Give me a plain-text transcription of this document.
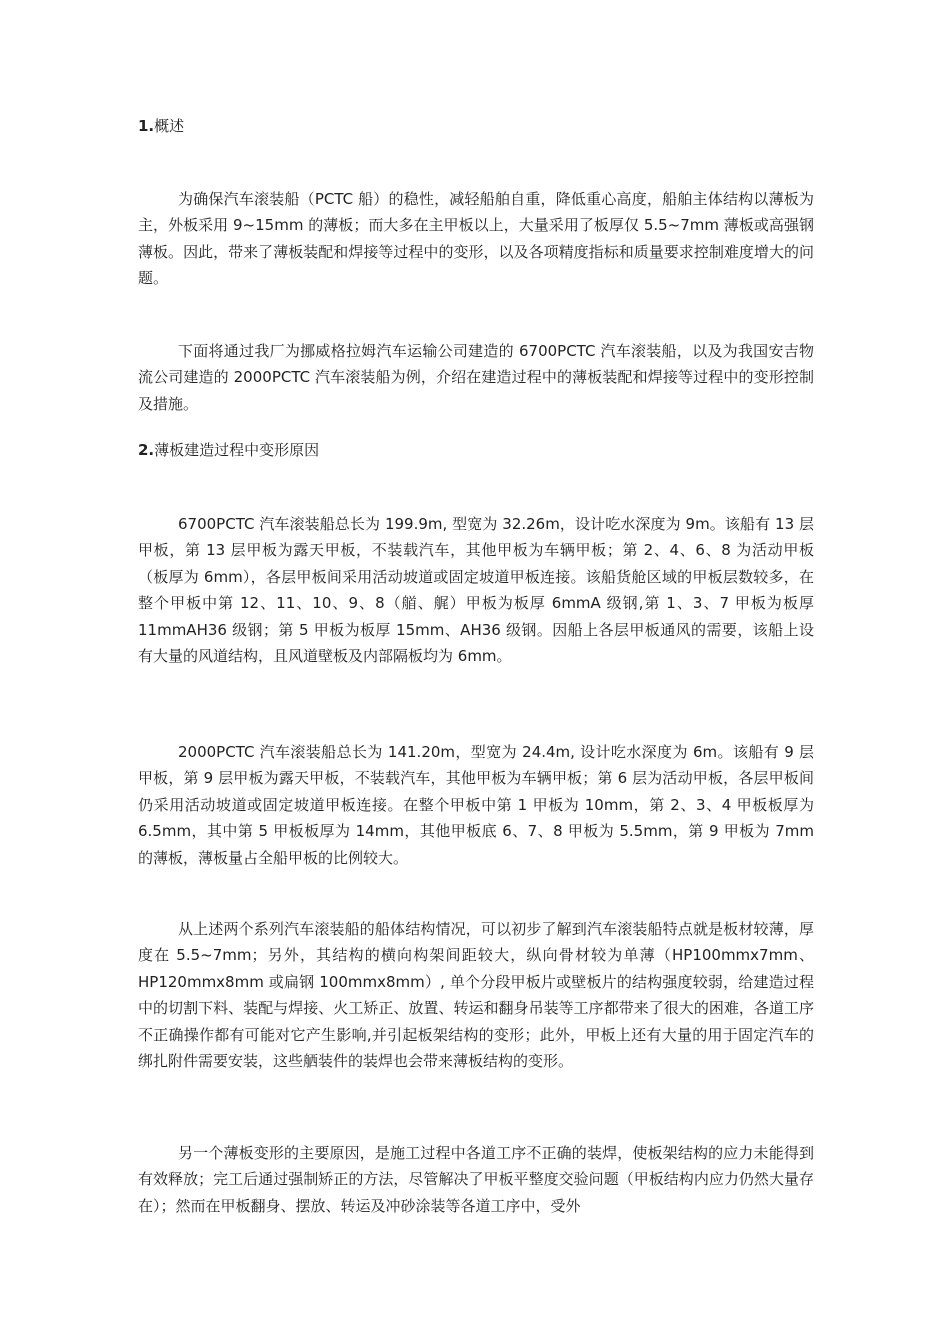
1.概述

为确保汽车滚装船（PCTC 船）的稳性，减轻船舶自重，降低重心高度，船舶主体结构以薄板为主，外板采用 9~15mm 的薄板；而大多在主甲板以上，大量采用了板厚仅 5.5~7mm 薄板或高强钢薄板。因此，带来了薄板装配和焊接等过程中的变形，以及各项精度指标和质量要求控制难度增大的问题。

下面将通过我厂为挪威格拉姆汽车运输公司建造的 6700PCTC 汽车滚装船，以及为我国安吉物流公司建造的 2000PCTC 汽车滚装船为例，介绍在建造过程中的薄板装配和焊接等过程中的变形控制及措施。

2.薄板建造过程中变形原因

6700PCTC 汽车滚装船总长为 199.9m, 型宽为 32.26m，设计吃水深度为 9m。该船有 13 层甲板，第 13 层甲板为露天甲板，不装载汽车，其他甲板为车辆甲板；第 2、4、6、8 为活动甲板（板厚为 6mm），各层甲板间采用活动坡道或固定坡道甲板连接。该船货舱区域的甲板层数较多，在整个甲板中第 12、11、10、9、8（艏、艉）甲板为板厚 6mmA 级钢,第 1、3、7 甲板为板厚 11mmAH36 级钢；第 5 甲板为板厚 15mm、AH36 级钢。因船上各层甲板通风的需要，该船上设有大量的风道结构，且风道壁板及内部隔板均为 6mm。

2000PCTC 汽车滚装船总长为 141.20m，型宽为 24.4m, 设计吃水深度为 6m。该船有 9 层甲板，第 9 层甲板为露天甲板，不装载汽车，其他甲板为车辆甲板；第 6 层为活动甲板，各层甲板间仍采用活动坡道或固定坡道甲板连接。在整个甲板中第 1 甲板为 10mm，第 2、3、4 甲板板厚为 6.5mm，其中第 5 甲板板厚为 14mm，其他甲板底 6、7、8 甲板为 5.5mm，第 9 甲板为 7mm 的薄板，薄板量占全船甲板的比例较大。

从上述两个系列汽车滚装船的船体结构情况，可以初步了解到汽车滚装船特点就是板材较薄，厚度在 5.5~7mm；另外，其结构的横向构架间距较大，纵向骨材较为单薄（HP100mmx7mm、HP120mmx8mm 或扁钢 100mmx8mm）, 单个分段甲板片或壁板片的结构强度较弱，给建造过程中的切割下料、装配与焊接、火工矫正、放置、转运和翻身吊装等工序都带来了很大的困难，各道工序不正确操作都有可能对它产生影响,并引起板架结构的变形；此外，甲板上还有大量的用于固定汽车的绑扎附件需要安装，这些舾装件的装焊也会带来薄板结构的变形。

另一个薄板变形的主要原因，是施工过程中各道工序不正确的装焊，使板架结构的应力未能得到有效释放；完工后通过强制矫正的方法，尽管解决了甲板平整度交验问题（甲板结构内应力仍然大量存在）；然而在甲板翻身、摆放、转运及冲砂涂装等各道工序中，受外
